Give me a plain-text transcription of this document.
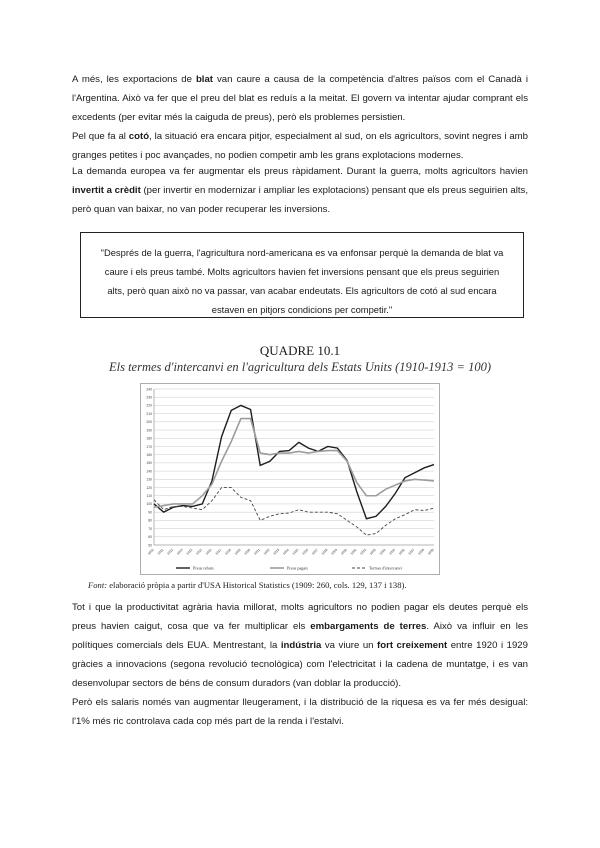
A més, les exportacions de blat van caure a causa de la competència d'altres països com el Canadà i l'Argentina. Això va fer que el preu del blat es reduís a la meitat. El govern va intentar ajudar comprant els excedents (per evitar més la caiguda de preus), però els problemes persistien.
Pel que fa al cotó, la situació era encara pitjor, especialment al sud, on els agricultors, sovint negres i amb granges petites i poc avançades, no podien competir amb les grans explotacions modernes.
La demanda europea va fer augmentar els preus ràpidament. Durant la guerra, molts agricultors havien invertit a crèdit (per invertir en modernizar i ampliar les explotacions) pensant que els preus seguirien alts, però quan van baixar, no van poder recuperar les inversions.
"Després de la guerra, l'agricultura nord-americana es va enfonsar perquè la demanda de blat va caure i els preus també. Molts agricultors havien fet inversions pensant que els preus seguirien alts, però quan això no va passar, van acabar endeutats. Els agricultors de cotó al sud encara estaven en pitjors condicions per competir."
QUADRE 10.1
Els termes d'intercanvi en l'agricultura dels Estats Units (1910-1913 = 100)
50
60
70
80
90
100
110
120
130
140
150
160
170
180
190
200
210
220
230
240
1910 1911 1912 1913 1914 1915 1916 1917 1918 1919 1920 1921 1922 1923 1924 1925 1926 1927 1928 1929 1930 1931 1932 1933 1934 1935 1936 1937 1938 1939
Preus rebuts	Preus pagats	Termes d'intercanvi
Font: elaboració pròpia a partir d'USA Historical Statistics (1909: 260, cols. 129, 137 i 138).
Tot i que la productivitat agrària havia millorat, molts agricultors no podien pagar els deutes perquè els preus havien caigut, cosa que va fer multiplicar els embargaments de terres. Això va influir en les polítiques comercials dels EUA. Mentrestant, la indústria va viure un fort creixement entre 1920 i 1929 gràcies a innovacions (segona revolució tecnològica) com l'electricitat i la cadena de muntatge, i es van desenvolupar sectors de béns de consum duradors (van doblar la producció).
Però els salaris només van augmentar lleugerament, i la distribució de la riquesa es va fer més desigual: l'1% més ric controlava cada cop més part de la renda i l'estalvi.
